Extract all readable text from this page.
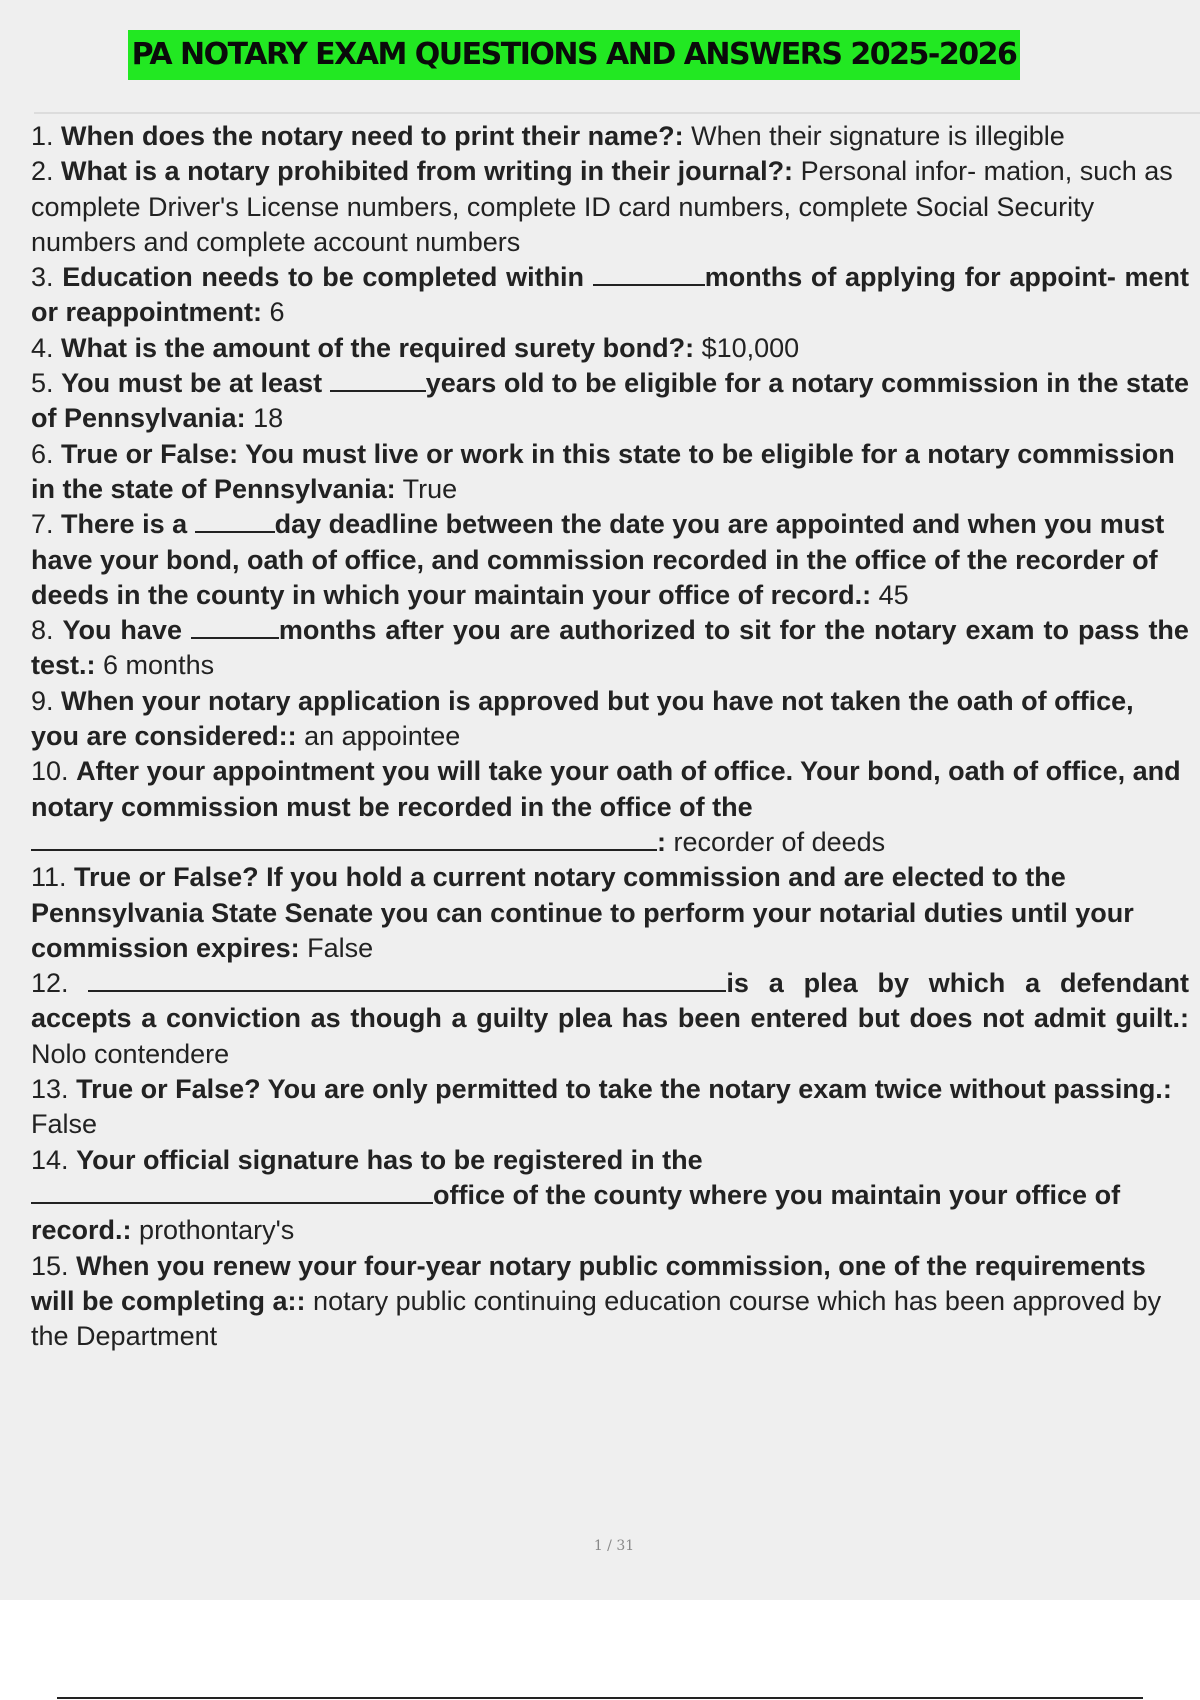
PA NOTARY EXAM QUESTIONS AND ANSWERS 2025-2026

1. When does the notary need to print their name?: When their signature is illegible

2. What is a notary prohibited from writing in their journal?: Personal infor- mation, such as complete Driver's License numbers, complete ID card numbers, complete Social Security numbers and complete account numbers

3. Education needs to be completed within	months of applying for appoint- ment or reappointment: 6

4. What is the amount of the required surety bond?: $10,000

5. You must be at least	years old to be eligible for a notary commission in the state of Pennsylvania: 18

6. True or False: You must live or work in this state to be eligible for a notary commission in the state of Pennsylvania: True

7. There is a	day deadline between the date you are appointed and when you must have your bond, oath of office, and commission recorded in the office of the recorder of deeds in the county in which your maintain your office of record.: 45

8. You have	months after you are authorized to sit for the notary exam to pass the test.: 6 months

9. When your notary application is approved but you have not taken the oath of office, you are considered:: an appointee

10. After your appointment you will take your oath of office. Your bond, oath of office, and notary commission must be recorded in the office of the
: recorder of deeds

11. True or False? If you hold a current notary commission and are elected to the Pennsylvania State Senate you can continue to perform your notarial duties until your commission expires: False

12.	is a plea by which a defendant accepts a conviction as though a guilty plea has been entered but does not admit guilt.: Nolo contendere

13. True or False? You are only permitted to take the notary exam twice without passing.:
False

14. Your official signature has to be registered in the
office of the county where you maintain your office of record.: prothontary's

15. When you renew your four-year notary public commission, one of the requirements will be completing a:: notary public continuing education course which has been approved by the Department

1 / 31
